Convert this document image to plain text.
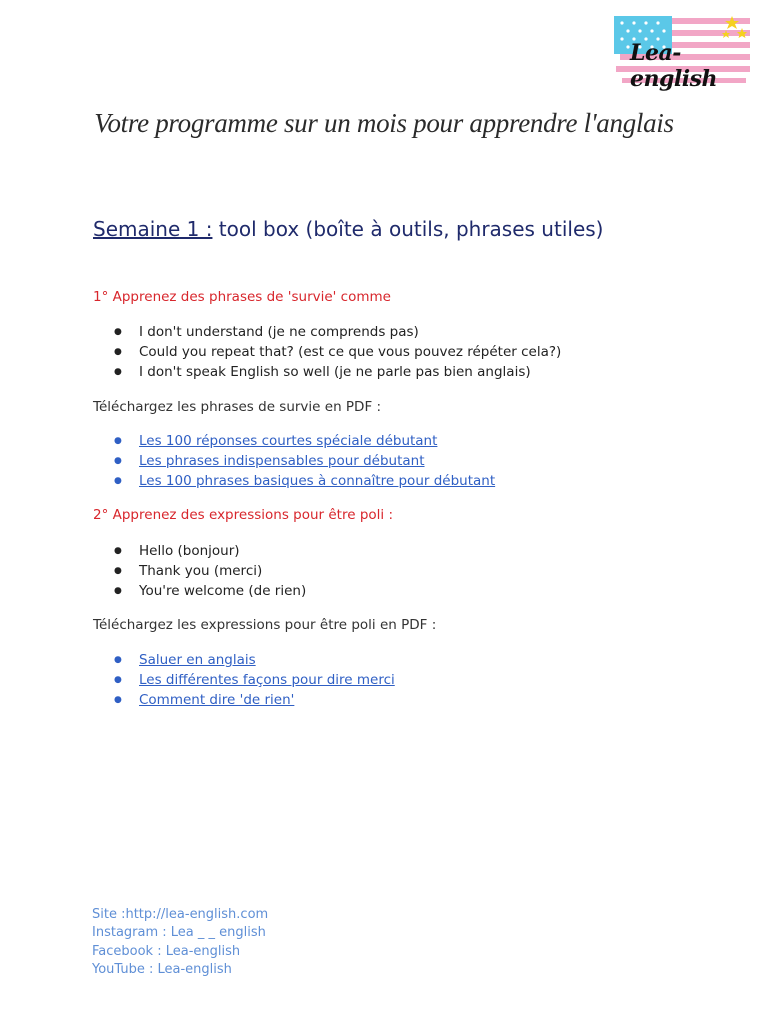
Lea-english
Votre programme sur un mois pour apprendre l'anglais
Semaine 1 : tool box (boîte à outils, phrases utiles)
1° Apprenez des phrases de 'survie' comme
● I don't understand (je ne comprends pas)
● Could you repeat that? (est ce que vous pouvez répéter cela?)
● I don't speak English so well (je ne parle pas bien anglais)
Téléchargez les phrases de survie en PDF :
● Les 100 réponses courtes spéciale débutant
● Les phrases indispensables pour débutant
● Les 100 phrases basiques à connaître pour débutant
2° Apprenez des expressions pour être poli :
● Hello (bonjour)
● Thank you (merci)
● You're welcome (de rien)
Téléchargez les expressions pour être poli en PDF :
● Saluer en anglais
● Les différentes façons pour dire merci
● Comment dire 'de rien'
Site :http://lea-english.com
Instagram : Lea _ _ english
Facebook : Lea-english
YouTube : Lea-english
